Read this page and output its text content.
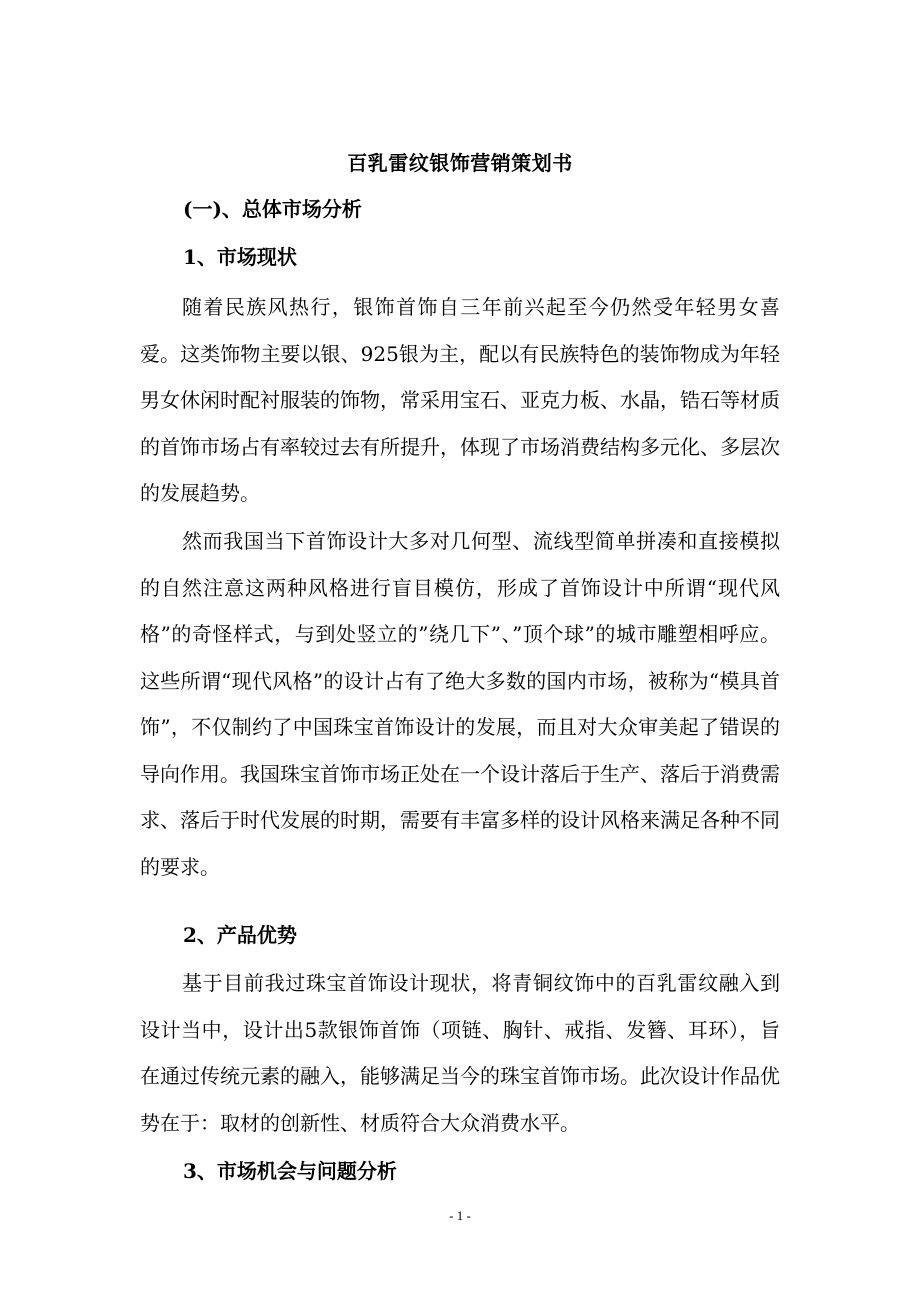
百乳雷纹银饰营销策划书
(一)、总体市场分析
1、市场现状

随着民族风热行，银饰首饰自三年前兴起至今仍然受年轻男女喜爱。这类饰物主要以银、925银为主，配以有民族特色的装饰物成为年轻男女休闲时配衬服装的饰物，常采用宝石、亚克力板、水晶，锆石等材质的首饰市场占有率较过去有所提升，体现了市场消费结构多元化、多层次的发展趋势。

然而我国当下首饰设计大多对几何型、流线型简单拼凑和直接模拟的自然注意这两种风格进行盲目模仿，形成了首饰设计中所谓“现代风格”的奇怪样式，与到处竖立的”绕几下”、”顶个球”的城市雕塑相呼应。这些所谓“现代风格”的设计占有了绝大多数的国内市场，被称为“模具首饰”，不仅制约了中国珠宝首饰设计的发展，而且对大众审美起了错误的导向作用。我国珠宝首饰市场正处在一个设计落后于生产、落后于消费需求、落后于时代发展的时期，需要有丰富多样的设计风格来满足各种不同的要求。

2、产品优势

基于目前我过珠宝首饰设计现状，将青铜纹饰中的百乳雷纹融入到设计当中，设计出5款银饰首饰（项链、胸针、戒指、发簪、耳环），旨在通过传统元素的融入，能够满足当今的珠宝首饰市场。此次设计作品优势在于：取材的创新性、材质符合大众消费水平。

3、市场机会与问题分析
- 1 -
